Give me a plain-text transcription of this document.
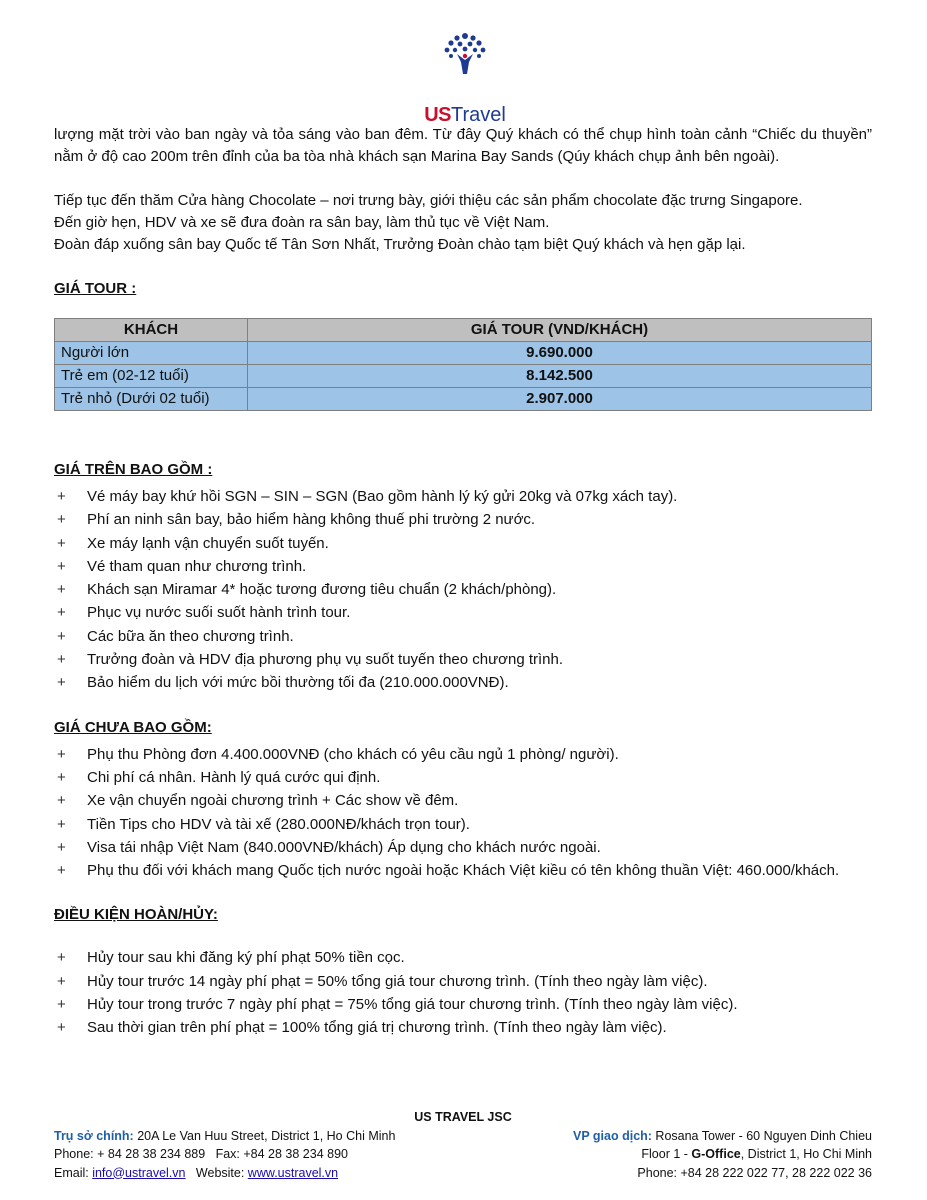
USTravel

lượng mặt trời vào ban ngày và tỏa sáng vào ban đêm. Từ đây Quý khách có thể chụp hình toàn cảnh “Chiếc du thuyền” nằm ở độ cao 200m trên đỉnh của ba tòa nhà khách sạn Marina Bay Sands (Qúy khách chụp ảnh bên ngoài).

Tiếp tục đến thăm Cửa hàng Chocolate – nơi trưng bày, giới thiệu các sản phẩm chocolate đặc trưng Singapore.

Đến giờ hẹn, HDV và xe sẽ đưa đoàn ra sân bay, làm thủ tục về Việt Nam.

Đoàn đáp xuống sân bay Quốc tế Tân Sơn Nhất, Trưởng Đoàn chào tạm biệt Quý khách và hẹn gặp lại.

GIÁ TOUR :
KHÁCH	GIÁ TOUR (VND/KHÁCH)
Người lớn	9.690.000
Trẻ em (02-12 tuổi)	8.142.500
Trẻ nhỏ (Dưới 02 tuổi)	2.907.000
GIÁ TRÊN BAO GỒM :
+ Vé máy bay khứ hồi SGN – SIN – SGN (Bao gồm hành lý ký gửi 20kg và 07kg xách tay).
+ Phí an ninh sân bay, bảo hiểm hàng không thuế phi trường 2 nước.
+ Xe máy lạnh vận chuyển suốt tuyến.
+ Vé tham quan như chương trình.
+ Khách sạn Miramar 4* hoặc tương đương tiêu chuẩn (2 khách/phòng).
+ Phục vụ nước suối suốt hành trình tour.
+ Các bữa ăn theo chương trình.
+ Trưởng đoàn và HDV địa phương phụ vụ suốt tuyến theo chương trình.
+ Bảo hiểm du lịch với mức bồi thường tối đa (210.000.000VNĐ).
GIÁ CHƯA BAO GỒM:
+ Phụ thu Phòng đơn 4.400.000VNĐ (cho khách có yêu cầu ngủ 1 phòng/ người).
+ Chi phí cá nhân. Hành lý quá cước qui định.
+ Xe vận chuyển ngoài chương trình + Các show về đêm.
+ Tiền Tips cho HDV và tài xế (280.000NĐ/khách trọn tour).
+ Visa tái nhập Việt Nam (840.000VNĐ/khách) Áp dụng cho khách nước ngoài.
+ Phụ thu đối với khách mang Quốc tịch nước ngoài hoặc Khách Việt kiều có tên không thuần Việt: 460.000/khách.
ĐIỀU KIỆN HOÀN/HỦY:
+ Hủy tour sau khi đăng ký phí phạt 50% tiền cọc.
+ Hủy tour trước 14 ngày phí phạt = 50% tổng giá tour chương trình. (Tính theo ngày làm việc).
+ Hủy tour trong trước 7 ngày phí phạt = 75% tổng giá tour chương trình. (Tính theo ngày làm việc).
+ Sau thời gian trên phí phạt = 100% tổng giá trị chương trình. (Tính theo ngày làm việc).
US TRAVEL JSC
Trụ sở chính: 20A Le Van Huu Street, District 1, Ho Chi Minh	VP giao dịch: Rosana Tower - 60 Nguyen Dinh Chieu
Phone: + 84 28 38 234 889   Fax: +84 28 38 234 890	Floor 1 - G-Office, District 1, Ho Chi Minh
Email: info@ustravel.vn   Website: www.ustravel.vn	Phone: +84 28 222 022 77, 28 222 022 36
